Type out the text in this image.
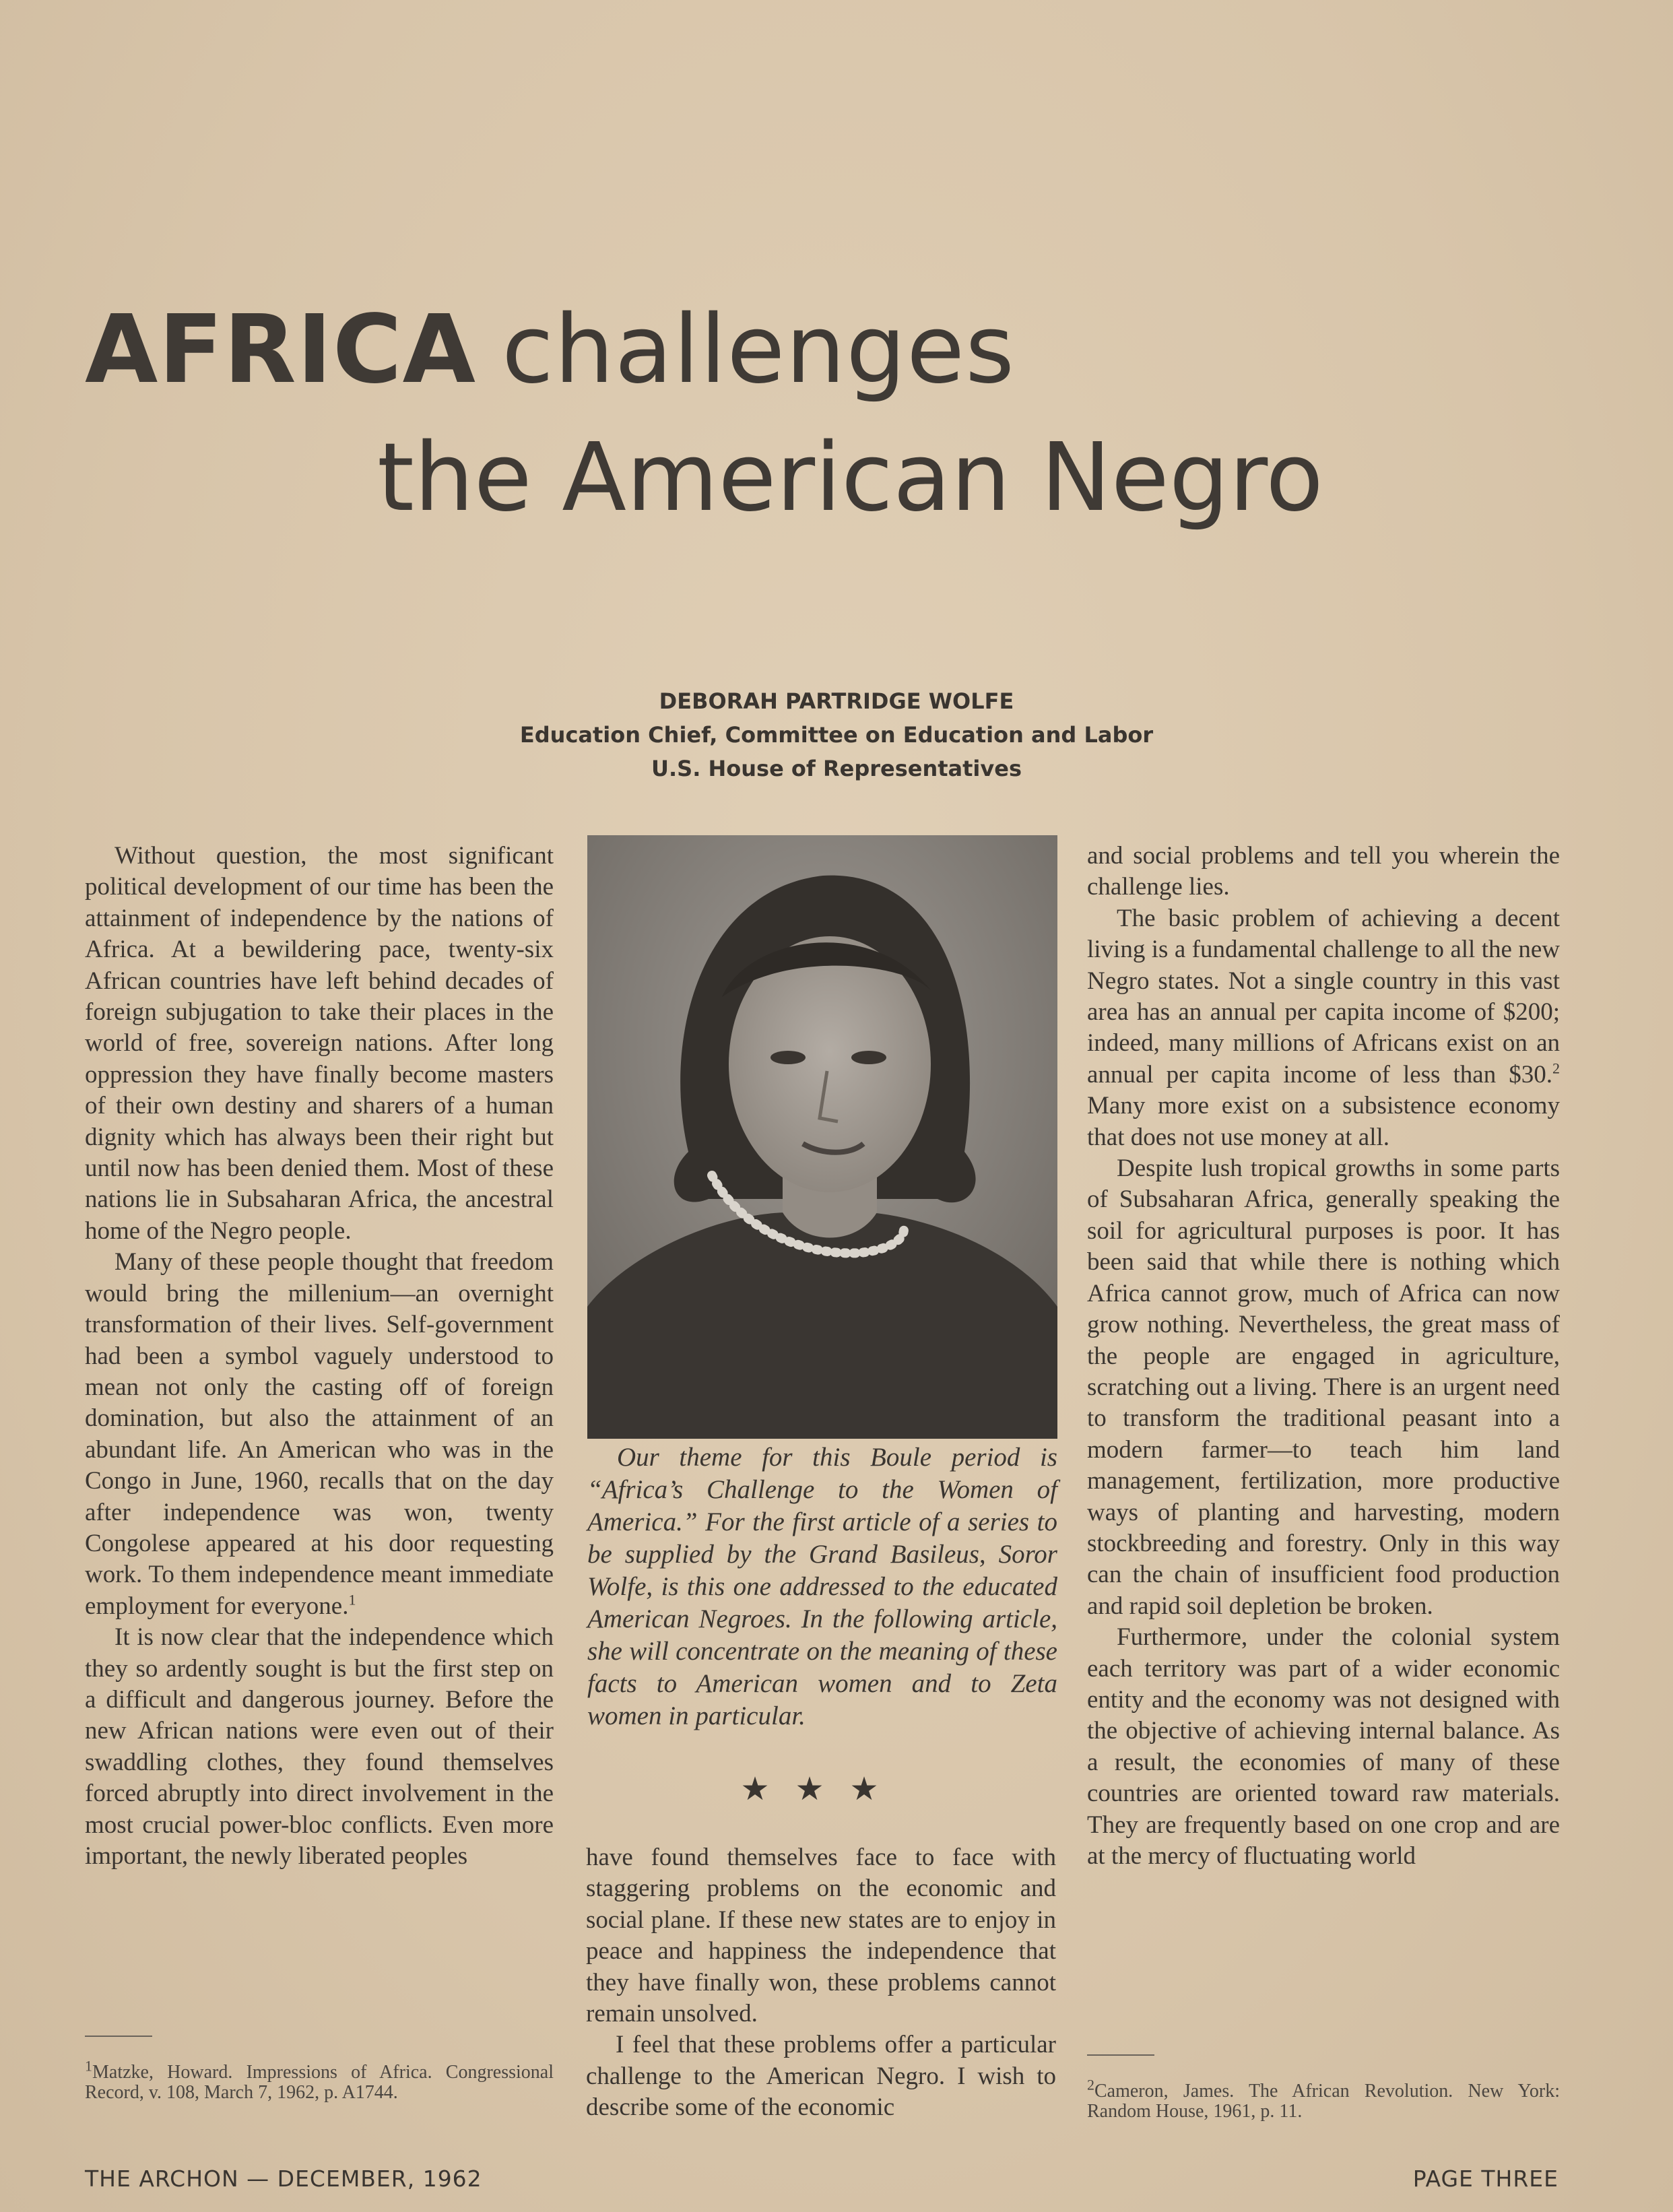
AFRICA challenges
the American Negro
DEBORAH PARTRIDGE WOLFE
Education Chief, Committee on Education and Labor
U.S. House of Representatives

Without question, the most significant political development of our time has been the attainment of independence by the nations of Africa. At a bewildering pace, twenty-six African countries have left behind decades of foreign subjugation to take their places in the world of free, sovereign nations. After long oppression they have finally become masters of their own destiny and sharers of a human dignity which has always been their right but until now has been denied them. Most of these nations lie in Subsaharan Africa, the ancestral home of the Negro people.

Many of these people thought that freedom would bring the millenium—an overnight transformation of their lives. Self-government had been a symbol vaguely understood to mean not only the casting off of foreign domination, but also the attainment of an abundant life. An American who was in the Congo in June, 1960, recalls that on the day after independence was won, twenty Congolese appeared at his door requesting work. To them independence meant immediate employment for everyone.$^1$

It is now clear that the independence which they so ardently sought is but the first step on a difficult and dangerous journey. Before the new African nations were even out of their swaddling clothes, they found themselves forced abruptly into direct involvement in the most crucial power-bloc conflicts. Even more important, the newly liberated peoples

Our theme for this Boule period is “Africa’s Challenge to the Women of America.” For the first article of a series to be supplied by the Grand Basileus, Soror Wolfe, is this one addressed to the educated American Negroes. In the following article, she will concentrate on the meaning of these facts to American women and to Zeta women in particular.

★★★

have found themselves face to face with staggering problems on the economic and social plane. If these new states are to enjoy in peace and happiness the independence that they have finally won, these problems cannot remain unsolved.

I feel that these problems offer a particular challenge to the American Negro. I wish to describe some of the economic

and social problems and tell you wherein the challenge lies.

The basic problem of achieving a decent living is a fundamental challenge to all the new Negro states. Not a single country in this vast area has an annual per capita income of $200; indeed, many millions of Africans exist on an annual per capita income of less than $30.$^2$ Many more exist on a subsistence economy that does not use money at all.

Despite lush tropical growths in some parts of Subsaharan Africa, generally speaking the soil for agricultural purposes is poor. It has been said that while there is nothing which Africa cannot grow, much of Africa can now grow nothing. Nevertheless, the great mass of the people are engaged in agriculture, scratching out a living. There is an urgent need to transform the traditional peasant into a modern farmer—to teach him land management, fertilization, more productive ways of planting and harvesting, modern stockbreeding and forestry. Only in this way can the chain of insufficient food production and rapid soil depletion be broken.

Furthermore, under the colonial system each territory was part of a wider economic entity and the economy was not designed with the objective of achieving internal balance. As a result, the economies of many of these countries are oriented toward raw materials. They are frequently based on one crop and are at the mercy of fluctuating world

$^1$Matzke, Howard. Impressions of Africa. Congressional Record, v. 108, March 7, 1962, p. A1744.	$^2$Cameron, James. The African Revolution. New York: Random House, 1961, p. 11.
THE ARCHON — DECEMBER, 1962	PAGE THREE
